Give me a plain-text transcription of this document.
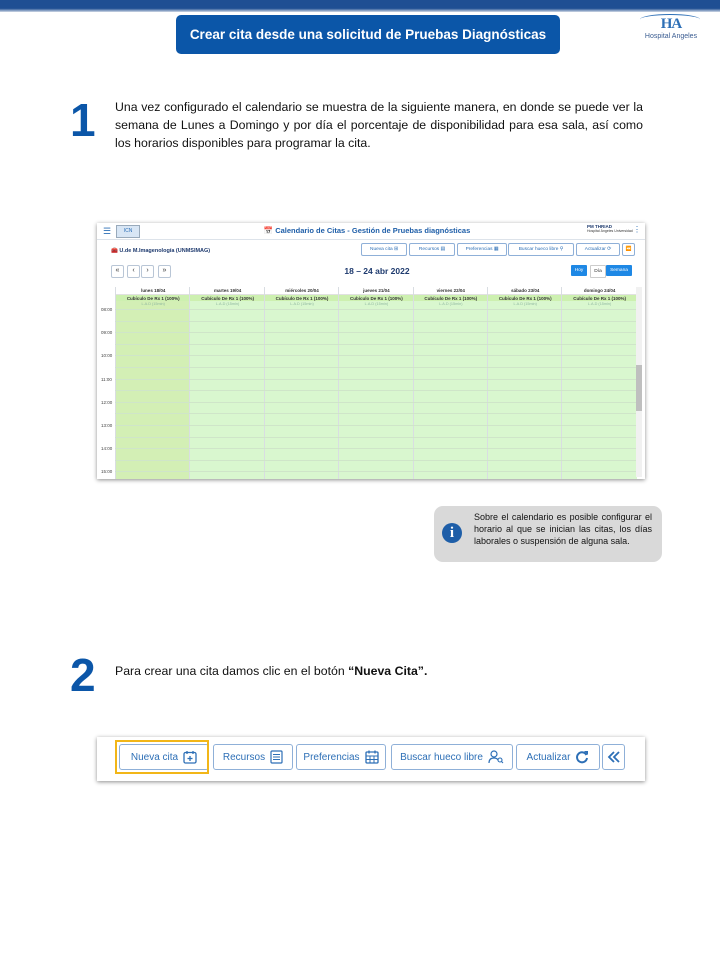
Crear cita desde una solicitud de Pruebas Diagnósticas
HA
Hospital Angeles
1 Una vez configurado el calendario se muestra de la siguiente manera, en donde se puede ver la semana de Lunes a Domingo y por día el porcentaje de disponibilidad para esa sala, así como los horarios disponibles para programar la cita.
☰	ICN	📅 Calendario de Citas - Gestión de Pruebas diagnósticas	PM THRIAD
Hospital Ángeles Universidad ⋮
🧰 U.de M.Imagenología (UNMSIMAG)	Nueva cita ⊞	Recursos ▤	Preferencias ▦	Buscar hueco libre ⚲	Actualizar ⟳	⏪
«	‹	›	»	18 – 24 abr 2022	Hoy	Día	Semana
lunes 18/04
Cubículo De Rx 1 (100%)
L.A.D (15min)
martes 19/04
Cubículo De Rx 1 (100%)
L.A.D (15min)
miércoles 20/04
Cubículo De Rx 1 (100%)
L.A.D (15min)
jueves 21/04
Cubículo De Rx 1 (100%)
L.A.D (15min)
viernes 22/04
Cubículo De Rx 1 (100%)
L.A.D (15min)
sábado 23/04
Cubículo De Rx 1 (100%)
L.A.D (15min)
domingo 24/04
Cubículo De Rx 1 (100%)
L.A.D (15min)
08:00
09:00
10:00
11:00
12:00
13:00
14:00
15:00
i
Sobre el calendario es posible configurar el horario al que se inician las citas, los días laborales o suspensión de alguna sala.
2 Para crear una cita damos clic en el botón “Nueva Cita”.
Nueva cita	Recursos	Preferencias	Buscar hueco libre	Actualizar
